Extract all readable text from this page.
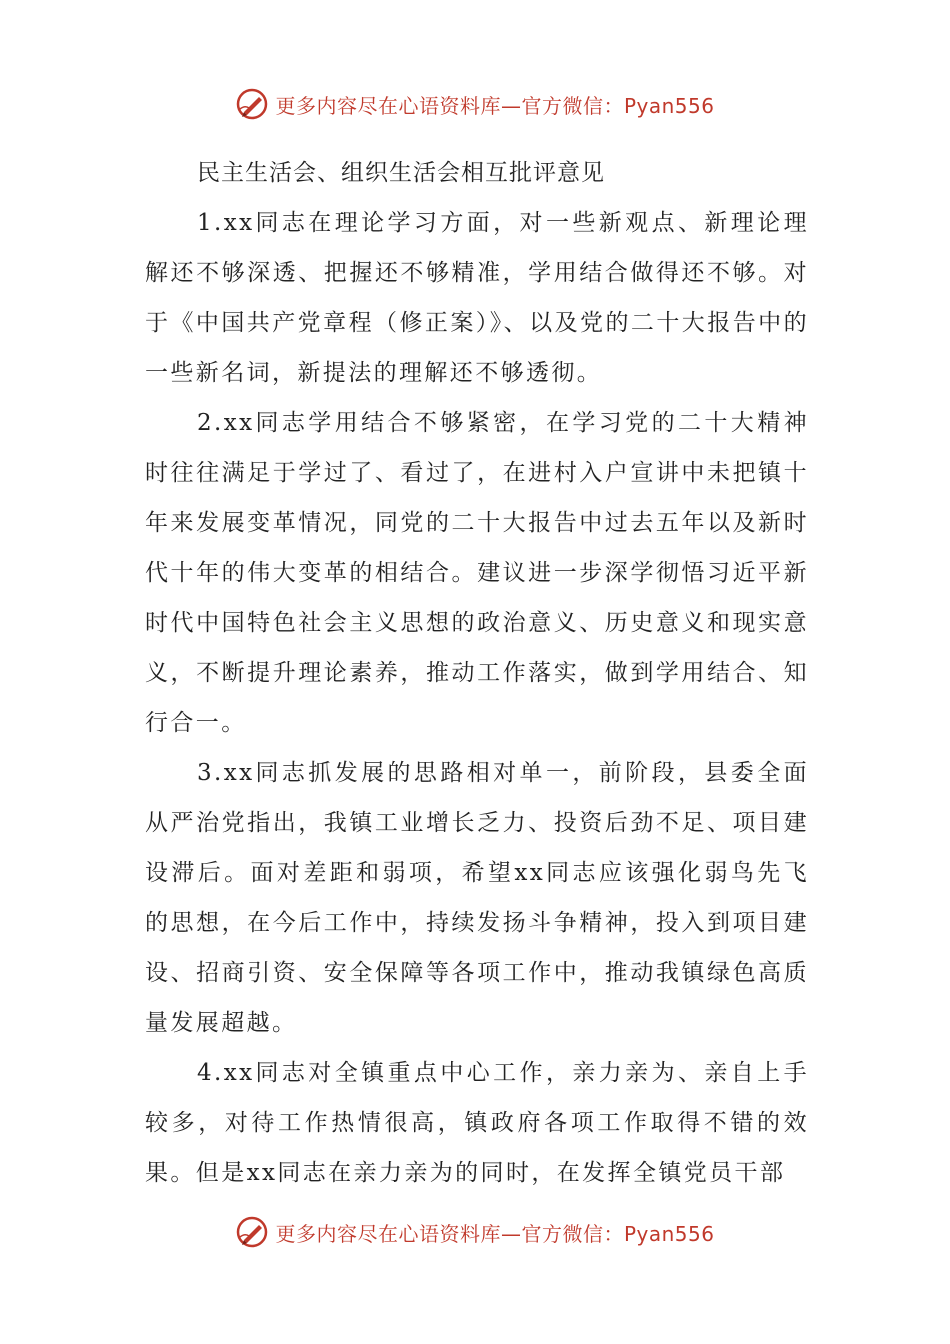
更多内容尽在心语资料库—官方微信：Pyan556

民主生活会、组织生活会相互批评意见

1.xx同志在理论学习方面，对一些新观点、新理论理解还不够深透、把握还不够精准，学用结合做得还不够。对于《中国共产党章程（修正案）》、以及党的二十大报告中的一些新名词，新提法的理解还不够透彻。

2.xx同志学用结合不够紧密，在学习党的二十大精神时往往满足于学过了、看过了，在进村入户宣讲中未把镇十年来发展变革情况，同党的二十大报告中过去五年以及新时代十年的伟大变革的相结合。建议进一步深学彻悟习近平新时代中国特色社会主义思想的政治意义、历史意义和现实意义，不断提升理论素养，推动工作落实，做到学用结合、知行合一。

3.xx同志抓发展的思路相对单一，前阶段，县委全面从严治党指出，我镇工业增长乏力、投资后劲不足、项目建设滞后。面对差距和弱项，希望xx同志应该强化弱鸟先飞的思想，在今后工作中，持续发扬斗争精神，投入到项目建设、招商引资、安全保障等各项工作中，推动我镇绿色高质量发展超越。

4.xx同志对全镇重点中心工作，亲力亲为、亲自上手较多，对待工作热情很高，镇政府各项工作取得不错的效果。但是xx同志在亲力亲为的同时，在发挥全镇党员干部

更多内容尽在心语资料库—官方微信：Pyan556
